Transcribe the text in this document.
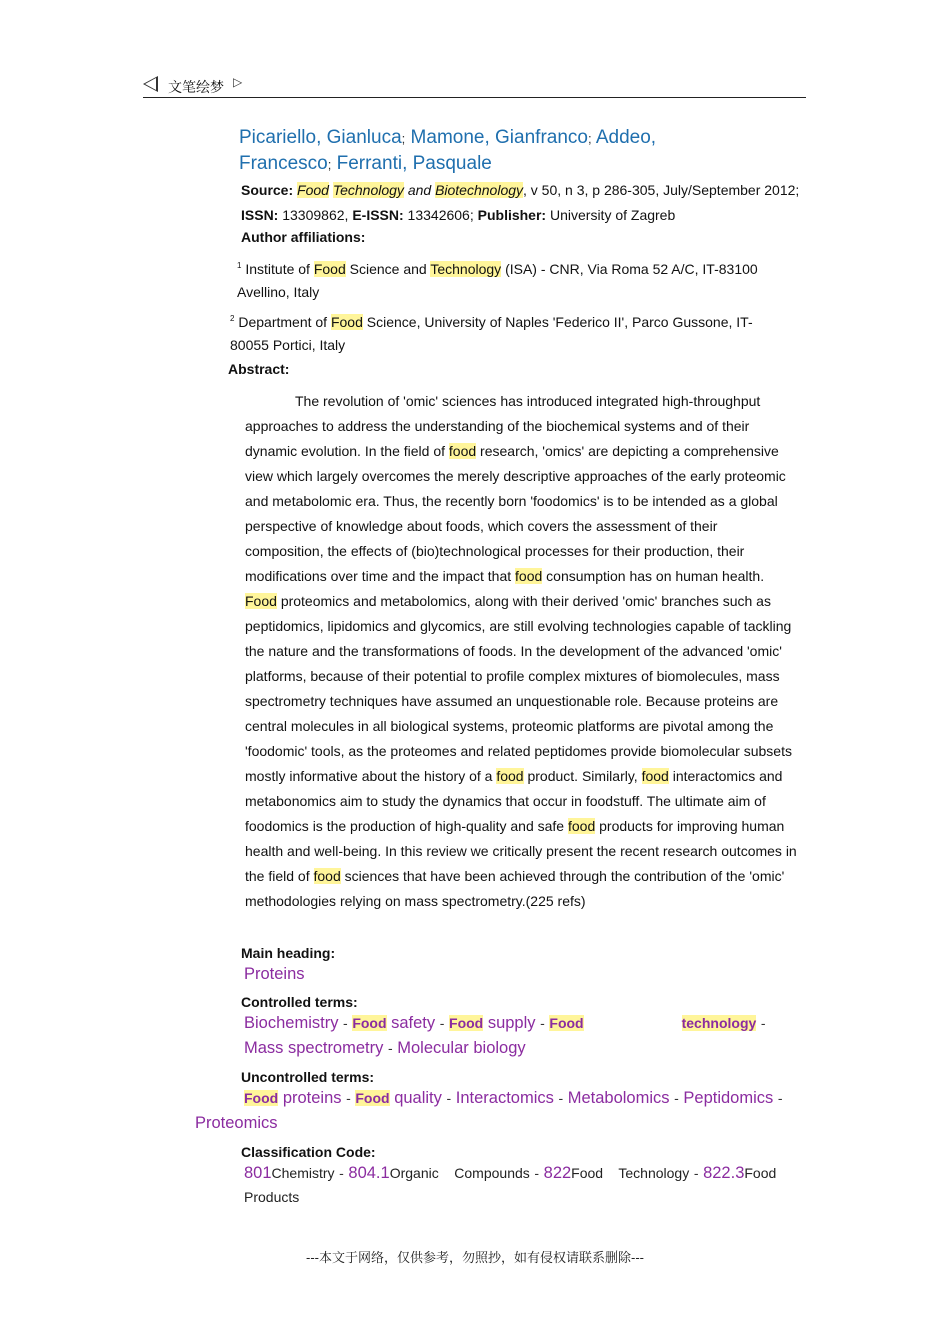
文笔绘梦 ▷
Picariello, Gianluca; Mamone, Gianfranco; Addeo, Francesco; Ferranti, Pasquale
Source: Food Technology and Biotechnology, v 50, n 3, p 286-305, July/September 2012; ISSN: 13309862, E-ISSN: 13342606; Publisher: University of Zagreb
Author affiliations:
$^1$ Institute of Food Science and Technology (ISA) - CNR, Via Roma 52 A/C, IT-83100 Avellino, Italy
$^2$ Department of Food Science, University of Naples 'Federico II', Parco Gussone, IT-80055 Portici, Italy
Abstract:
The revolution of 'omic' sciences has introduced integrated high-throughput approaches to address the understanding of the biochemical systems and of their dynamic evolution. In the field of food research, 'omics' are depicting a comprehensive view which largely overcomes the merely descriptive approaches of the early proteomic and metabolomic era. Thus, the recently born 'foodomics' is to be intended as a global perspective of knowledge about foods, which covers the assessment of their composition, the effects of (bio)technological processes for their production, their modifications over time and the impact that food consumption has on human health. Food proteomics and metabolomics, along with their derived 'omic' branches such as peptidomics, lipidomics and glycomics, are still evolving technologies capable of tackling the nature and the transformations of foods. In the development of the advanced 'omic' platforms, because of their potential to profile complex mixtures of biomolecules, mass spectrometry techniques have assumed an unquestionable role. Because proteins are central molecules in all biological systems, proteomic platforms are pivotal among the 'foodomic' tools, as the proteomes and related peptidomes provide biomolecular subsets mostly informative about the history of a food product. Similarly, food interactomics and metabonomics aim to study the dynamics that occur in foodstuff. The ultimate aim of foodomics is the production of high-quality and safe food products for improving human health and well-being. In this review we critically present the recent research outcomes in the field of food sciences that have been achieved through the contribution of the 'omic' methodologies relying on mass spectrometry.(225 refs)
Main heading:
Proteins
Controlled terms:
Biochemistry - Food safety - Food supply - Food	technology - Mass spectrometry - Molecular biology
Uncontrolled terms:
Food proteins - Food quality - Interactomics - Metabolomics - Peptidomics -
Proteomics
Classification Code:
801Chemistry - 804.1Organic    Compounds - 822Food    Technology - 822.3Food Products
---本文于网络，仅供参考，勿照抄，如有侵权请联系删除---
